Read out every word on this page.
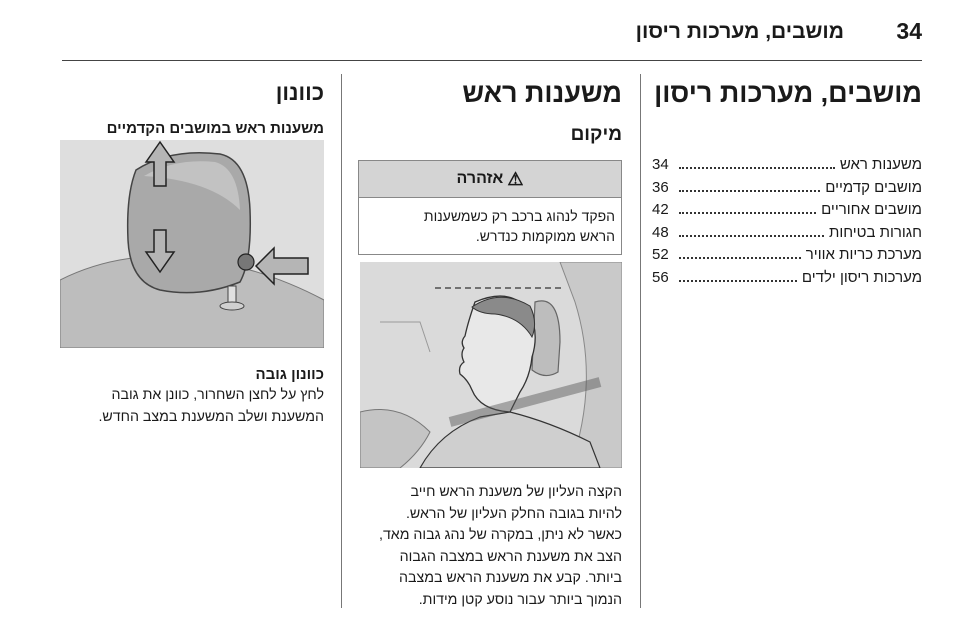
34
מושבים, מערכות ריסון
מושבים, מערכות ריסון
משענות ראש
34
מושבים קדמיים
36
מושבים אחוריים
42
חגורות בטיחות
48
מערכת כריות אוויר
52
מערכות ריסון ילדים
56
משענות ראש
מיקום
⚠
אזהרה
הפקד לנהוג ברכב רק כשמשענות
הראש ממוקמות כנדרש.

הקצה העליון של משענת הראש חייב

להיות בגובה החלק העליון של הראש.

כאשר לא ניתן, במקרה של נהג גבוה מאד,

הצב את משענת הראש במצבה הגבוה

ביותר. קבע את משענת הראש במצבה

הנמוך ביותר עבור נוסע קטן מידות.

כוונון
משענות ראש במושבים הקדמיים
כוונון גובה

לחץ על לחצן השחרור, כוונן את גובה

המשענת ושלב המשענת במצב החדש.
